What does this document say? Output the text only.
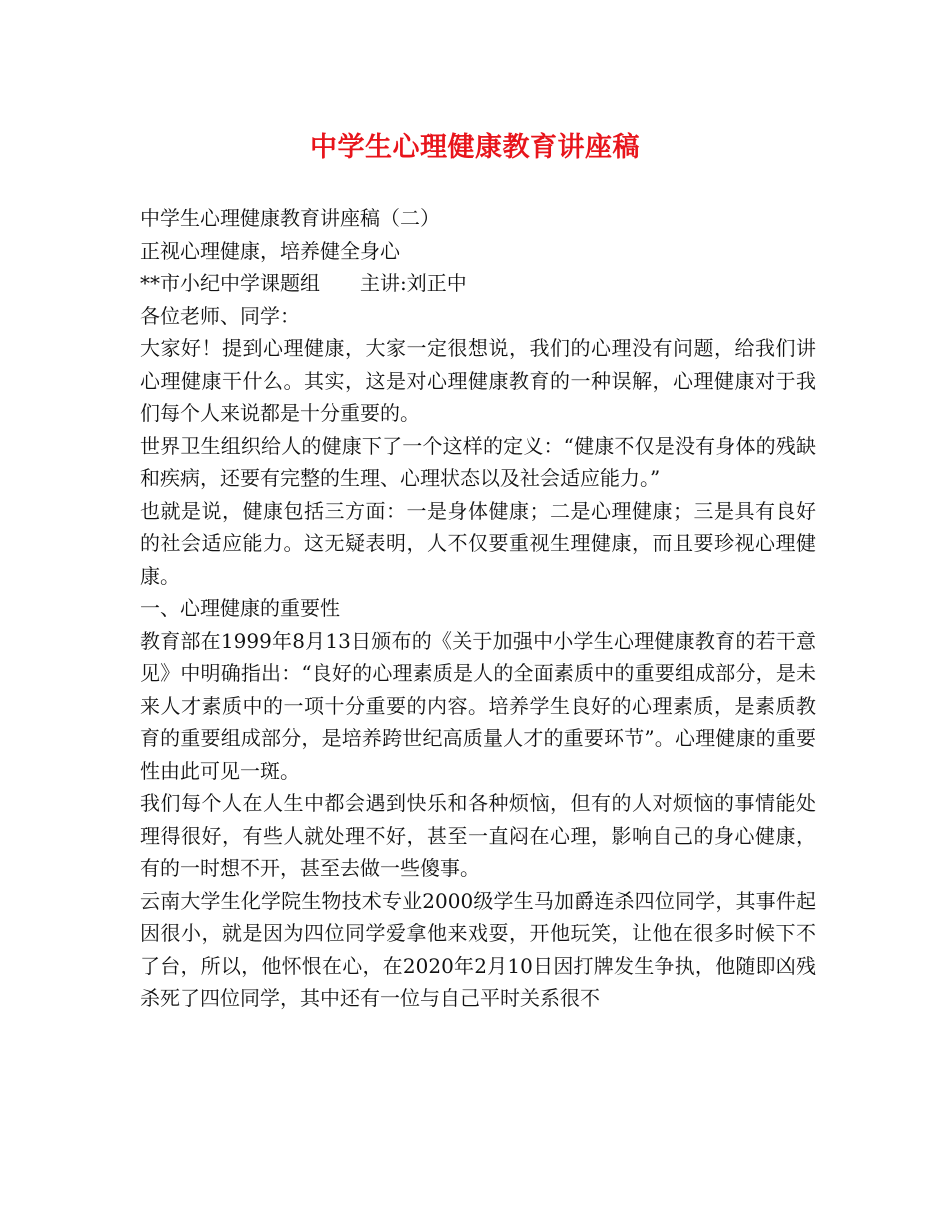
中学生心理健康教育讲座稿

中学生心理健康教育讲座稿（二）

正视心理健康，培养健全身心

**市小纪中学课题组　　主讲:刘正中

各位老师、同学：

大家好！提到心理健康，大家一定很想说，我们的心理没有问题，给我们讲心理健康干什么。其实，这是对心理健康教育的一种误解，心理健康对于我们每个人来说都是十分重要的。

世界卫生组织给人的健康下了一个这样的定义：“健康不仅是没有身体的残缺和疾病，还要有完整的生理、心理状态以及社会适应能力。”

也就是说，健康包括三方面：一是身体健康；二是心理健康；三是具有良好的社会适应能力。这无疑表明，人不仅要重视生理健康，而且要珍视心理健康。

一、心理健康的重要性

教育部在1999年8月13日颁布的《关于加强中小学生心理健康教育的若干意见》中明确指出：“良好的心理素质是人的全面素质中的重要组成部分，是未来人才素质中的一项十分重要的内容。培养学生良好的心理素质，是素质教育的重要组成部分，是培养跨世纪高质量人才的重要环节”。心理健康的重要性由此可见一斑。

我们每个人在人生中都会遇到快乐和各种烦恼，但有的人对烦恼的事情能处理得很好，有些人就处理不好，甚至一直闷在心理，影响自己的身心健康，有的一时想不开，甚至去做一些傻事。

云南大学生化学院生物技术专业2000级学生马加爵连杀四位同学，其事件起因很小，就是因为四位同学爱拿他来戏耍，开他玩笑，让他在很多时候下不了台，所以，他怀恨在心，在2020年2月10日因打牌发生争执，他随即凶残杀死了四位同学，其中还有一位与自己平时关系很不
